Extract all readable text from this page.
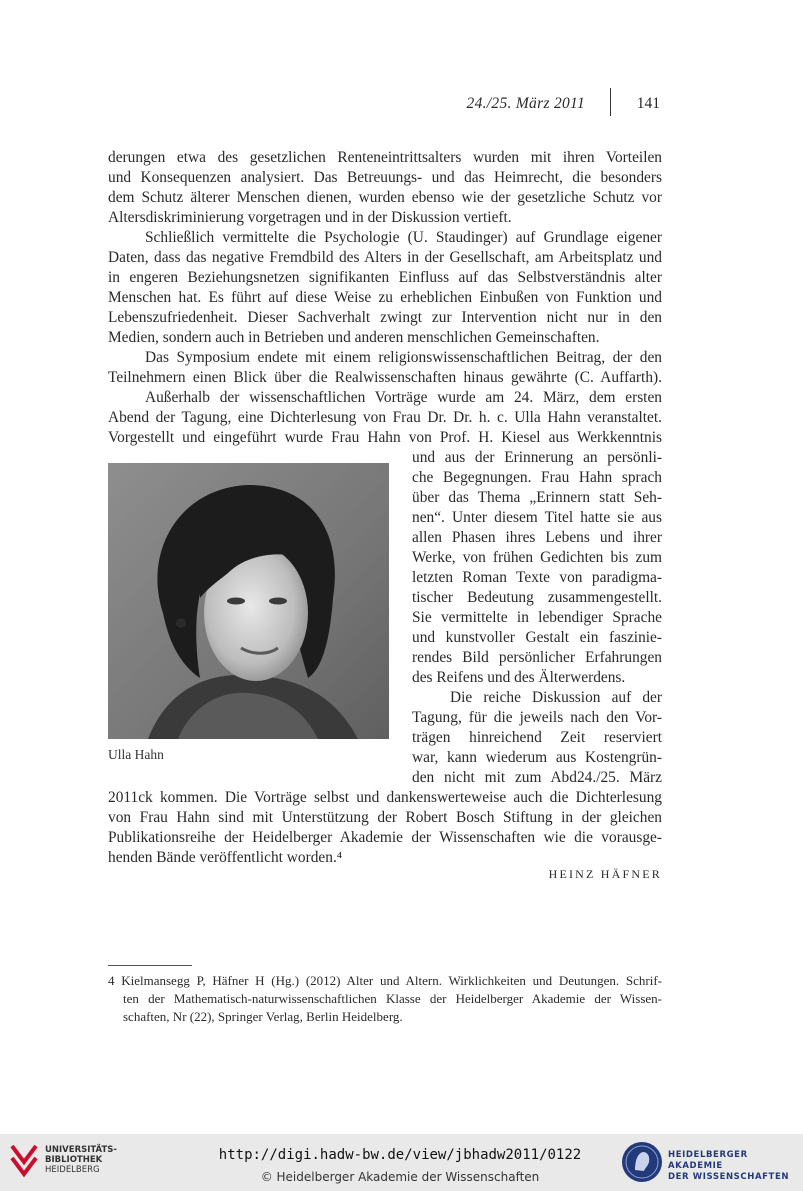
24./25. März 2011	141
derungen etwa des gesetzlichen Renteneintrittsalters wurden mit ihren Vorteilen
und Konsequenzen analysiert. Das Betreuungs- und das Heimrecht, die besonders
dem Schutz älterer Menschen dienen, wurden ebenso wie der gesetzliche Schutz vor
Altersdiskriminierung vorgetragen und in der Diskussion vertieft.
Schließlich vermittelte die Psychologie (U. Staudinger) auf Grundlage eigener
Daten, dass das negative Fremdbild des Alters in der Gesellschaft, am Arbeitsplatz und
in engeren Beziehungsnetzen signifikanten Einfluss auf das Selbstverständnis alter
Menschen hat. Es führt auf diese Weise zu erheblichen Einbußen von Funktion und
Lebenszufriedenheit. Dieser Sachverhalt zwingt zur Intervention nicht nur in den
Medien, sondern auch in Betrieben und anderen menschlichen Gemeinschaften.
Das Symposium endete mit einem religionswissenschaftlichen Beitrag, der den
Teilnehmern einen Blick über die Realwissenschaften hinaus gewährte (C. Auffarth).
Außerhalb der wissenschaftlichen Vorträge wurde am 24. März, dem ersten
Abend der Tagung, eine Dichterlesung von Frau Dr. Dr. h. c. Ulla Hahn veranstaltet.
Vorgestellt und eingeführt wurde Frau Hahn von Prof. H. Kiesel aus Werkkenntnis
und aus der Erinnerung an persönli-
che Begegnungen. Frau Hahn sprach
über das Thema „Erinnern statt Seh-
nen“. Unter diesem Titel hatte sie aus
allen Phasen ihres Lebens und ihrer
Werke, von frühen Gedichten bis zum
letzten Roman Texte von paradigma-
tischer Bedeutung zusammengestellt.
Sie vermittelte in lebendiger Sprache
und kunstvoller Gestalt ein faszinie-
rendes Bild persönlicher Erfahrungen
des Reifens und des Älterwerdens.
Die reiche Diskussion auf der
Tagung, für die jeweils nach den Vor-
trägen hinreichend Zeit reserviert
war, kann wiederum aus Kostengrün-
den nicht mit zum Abd24./25. März
2011ck kommen. Die Vorträge selbst und dankenswerteweise auch die Dichterlesung
von Frau Hahn sind mit Unterstützung der Robert Bosch Stiftung in der gleichen
Publikationsreihe der Heidelberger Akademie der Wissenschaften wie die vorausge-
henden Bände veröffentlicht worden.⁴
Ulla Hahn
HEINZ HÄFNER
4 Kielmansegg P, Häfner H (Hg.) (2012) Alter und Altern. Wirklichkeiten und Deutungen. Schrif-
ten der Mathematisch-naturwissenschaftlichen Klasse der Heidelberger Akademie der Wissen-
schaften, Nr (22), Springer Verlag, Berlin Heidelberg.
UNIVERSITÄTS-
BIBLIOTHEK
HEIDELBERG
http://digi.hadw-bw.de/view/jbhadw2011/0122
© Heidelberger Akademie der Wissenschaften
HEIDELBERGER AKADEMIE
DER WISSENSCHAFTEN
